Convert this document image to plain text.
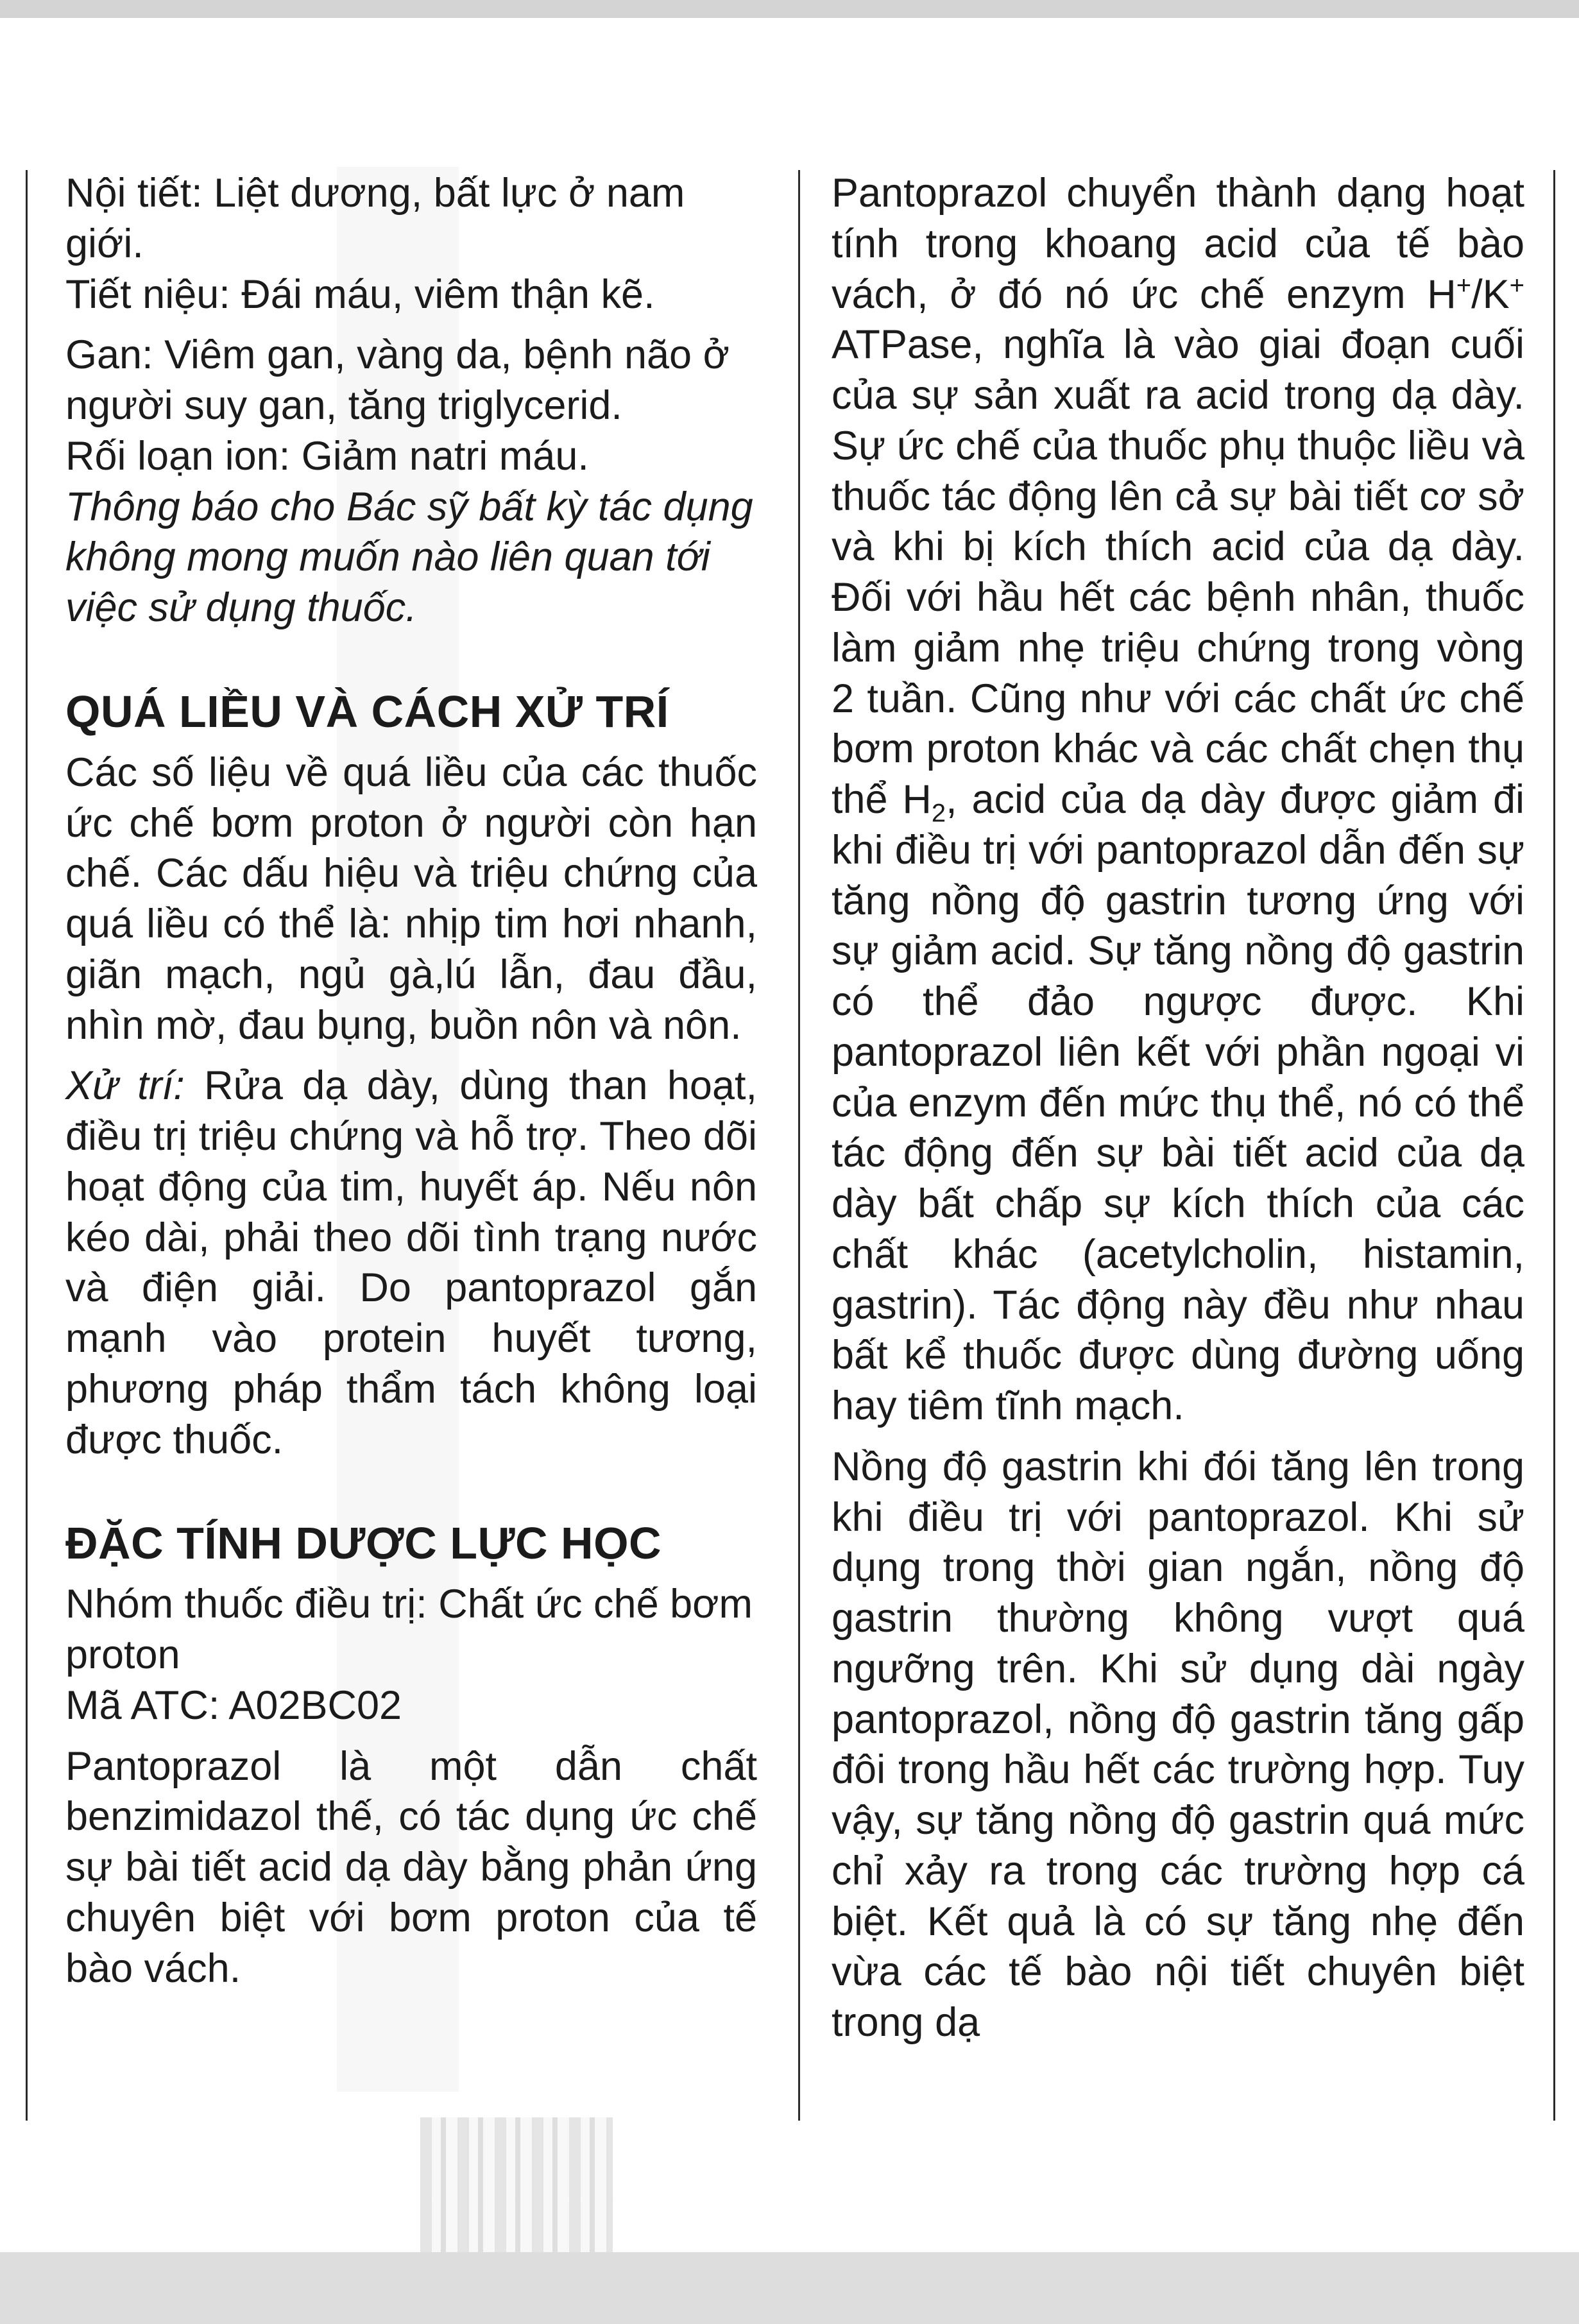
Nội tiết: Liệt dương, bất lực ở nam giới.

Tiết niệu: Đái máu, viêm thận kẽ.

Gan: Viêm gan, vàng da, bệnh não ở người suy gan, tăng triglycerid.

Rối loạn ion: Giảm natri máu.

Thông báo cho Bác sỹ bất kỳ tác dụng không mong muốn nào liên quan tới việc sử dụng thuốc.

QUÁ LIỀU VÀ CÁCH XỬ TRÍ

Các số liệu về quá liều của các thuốc ức chế bơm proton ở người còn hạn chế. Các dấu hiệu và triệu chứng của quá liều có thể là: nhịp tim hơi nhanh, giãn mạch, ngủ gà,lú lẫn, đau đầu, nhìn mờ, đau bụng, buồn nôn và nôn.

Xử trí: Rửa dạ dày, dùng than hoạt, điều trị triệu chứng và hỗ trợ. Theo dõi hoạt động của tim, huyết áp. Nếu nôn kéo dài, phải theo dõi tình trạng nước và điện giải. Do pantoprazol gắn mạnh vào protein huyết tương, phương pháp thẩm tách không loại được thuốc.

ĐẶC TÍNH DƯỢC LỰC HỌC

Nhóm thuốc điều trị: Chất ức chế bơm proton

Mã ATC: A02BC02

Pantoprazol là một dẫn chất benzimidazol thế, có tác dụng ức chế sự bài tiết acid dạ dày bằng phản ứng chuyên biệt với bơm proton của tế bào vách.

Pantoprazol chuyển thành dạng hoạt tính trong khoang acid của tế bào vách, ở đó nó ức chế enzym H+/K+ ATPase, nghĩa là vào giai đoạn cuối của sự sản xuất ra acid trong dạ dày. Sự ức chế của thuốc phụ thuộc liều và thuốc tác động lên cả sự bài tiết cơ sở và khi bị kích thích acid của dạ dày. Đối với hầu hết các bệnh nhân, thuốc làm giảm nhẹ triệu chứng trong vòng 2 tuần. Cũng như với các chất ức chế bơm proton khác và các chất chẹn thụ thể $H_2$, acid của dạ dày được giảm đi khi điều trị với pantoprazol dẫn đến sự tăng nồng độ gastrin tương ứng với sự giảm acid. Sự tăng nồng độ gastrin có thể đảo ngược được. Khi pantoprazol liên kết với phần ngoại vi của enzym đến mức thụ thể, nó có thể tác động đến sự bài tiết acid của dạ dày bất chấp sự kích thích của các chất khác (acetylcholin, histamin, gastrin). Tác động này đều như nhau bất kể thuốc được dùng đường uống hay tiêm tĩnh mạch.

Nồng độ gastrin khi đói tăng lên trong khi điều trị với pantoprazol. Khi sử dụng trong thời gian ngắn, nồng độ gastrin thường không vượt quá ngưỡng trên. Khi sử dụng dài ngày pantoprazol, nồng độ gastrin tăng gấp đôi trong hầu hết các trường hợp. Tuy vậy, sự tăng nồng độ gastrin quá mức chỉ xảy ra trong các trường hợp cá biệt. Kết quả là có sự tăng nhẹ đến vừa các tế bào nội tiết chuyên biệt trong dạ
